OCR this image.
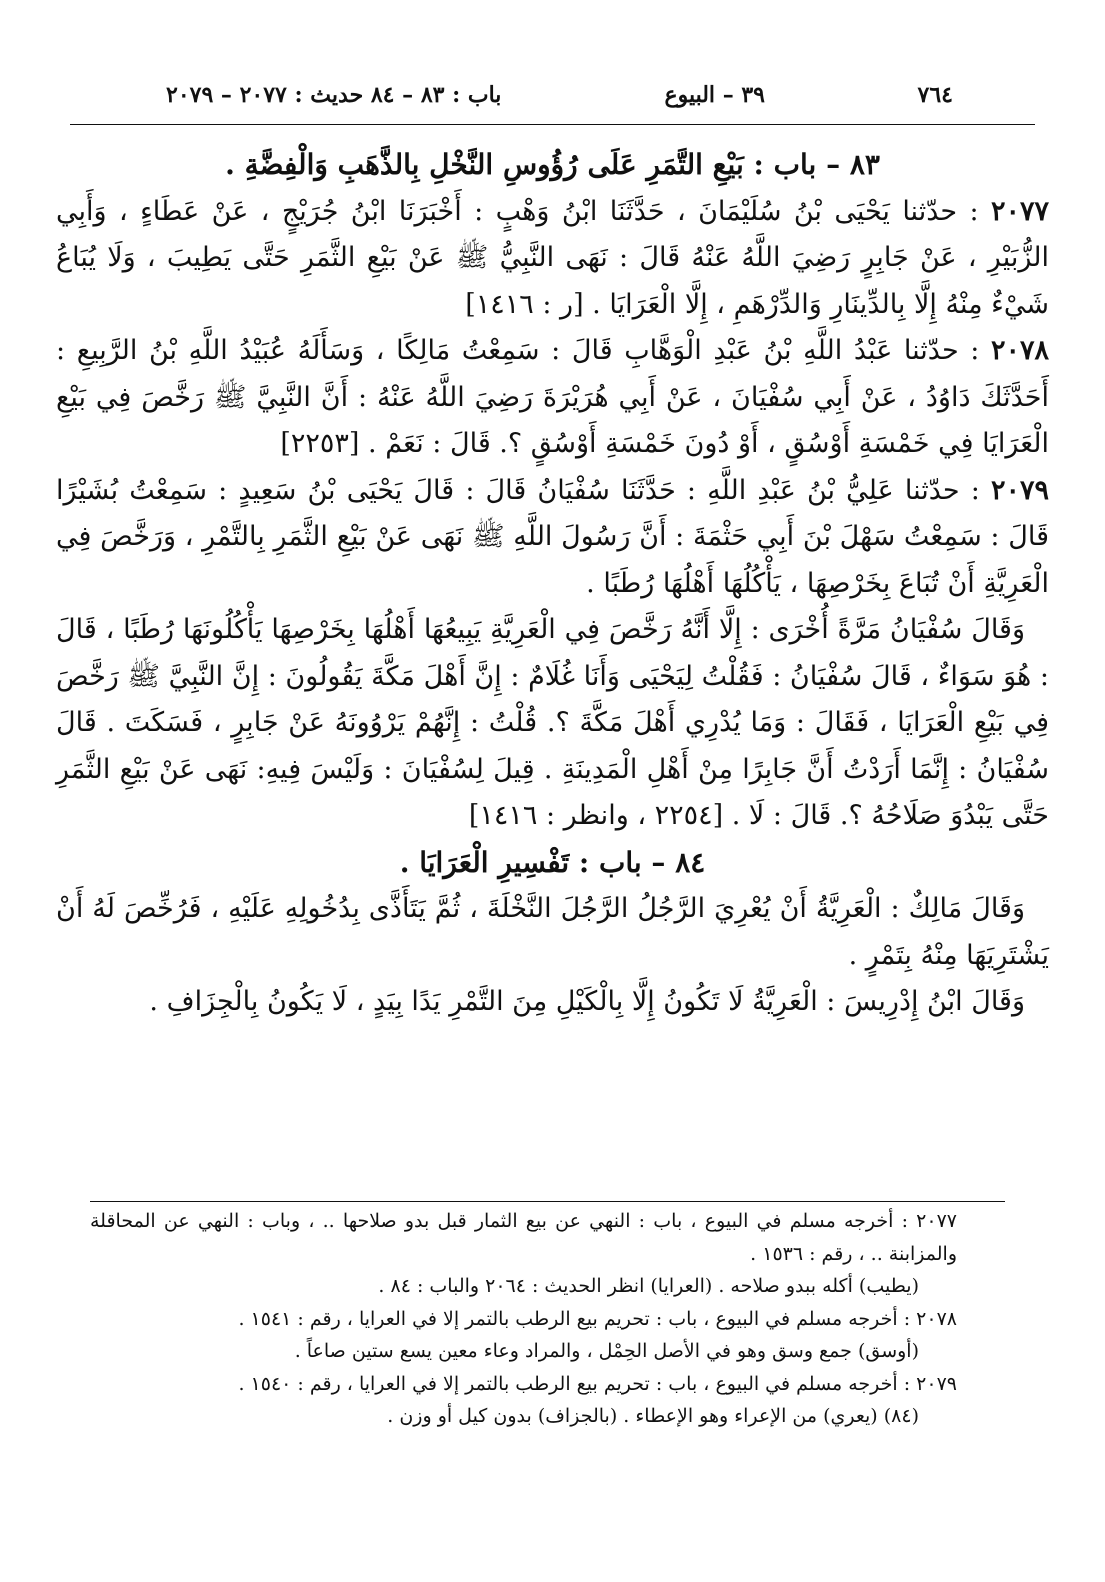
٧٦٤
٣٩ – البيوع
باب : ٨٣ – ٨٤ حديث : ٢٠٧٧ – ٢٠٧٩

٨٣ – باب : بَيْعِ التَّمَرِ عَلَى رُؤُوسِ النَّخْلِ بِالذَّهَبِ وَالْفِضَّةِ .

٢٠٧٧ : حدّثنا يَحْيَى بْنُ سُلَيْمَانَ ، حَدَّثَنَا ابْنُ وَهْبٍ : أَخْبَرَنَا ابْنُ جُرَيْجٍ ، عَنْ عَطَاءٍ ، وَأَبِي الزُّبَيْرِ ، عَنْ جَابِرٍ رَضِيَ اللَّهُ عَنْهُ قَالَ : نَهَى النَّبِيُّ ﷺ عَنْ بَيْعِ الثَّمَرِ حَتَّى يَطِيبَ ، وَلَا يُبَاعُ شَيْءٌ مِنْهُ إِلَّا بِالدِّينَارِ وَالدِّرْهَمِ ، إِلَّا الْعَرَايَا . [ر : ١٤١٦]

٢٠٧٨ : حدّثنا عَبْدُ اللَّهِ بْنُ عَبْدِ الْوَهَّابِ قَالَ : سَمِعْتُ مَالِكًا ، وَسَأَلَهُ عُبَيْدُ اللَّهِ بْنُ الرَّبِيعِ : أَحَدَّثَكَ دَاوُدُ ، عَنْ أَبِي سُفْيَانَ ، عَنْ أَبِي هُرَيْرَةَ رَضِيَ اللَّهُ عَنْهُ : أَنَّ النَّبِيَّ ﷺ رَخَّصَ فِي بَيْعِ الْعَرَايَا فِي خَمْسَةِ أَوْسُقٍ ، أَوْ دُونَ خَمْسَةِ أَوْسُقٍ ؟. قَالَ : نَعَمْ . [٢٢٥٣]

٢٠٧٩ : حدّثنا عَلِيُّ بْنُ عَبْدِ اللَّهِ : حَدَّثَنَا سُفْيَانُ قَالَ : قَالَ يَحْيَى بْنُ سَعِيدٍ : سَمِعْتُ بُشَيْرًا قَالَ : سَمِعْتُ سَهْلَ بْنَ أَبِي حَثْمَةَ : أَنَّ رَسُولَ اللَّهِ ﷺ نَهَى عَنْ بَيْعِ الثَّمَرِ بِالتَّمْرِ ، وَرَخَّصَ فِي الْعَرِيَّةِ أَنْ تُبَاعَ بِخَرْصِهَا ، يَأْكُلُهَا أَهْلُهَا رُطَبًا .

وَقَالَ سُفْيَانُ مَرَّةً أُخْرَى : إِلَّا أَنَّهُ رَخَّصَ فِي الْعَرِيَّةِ يَبِيعُهَا أَهْلُهَا بِخَرْصِهَا يَأْكُلُونَهَا رُطَبًا ، قَالَ : هُوَ سَوَاءٌ ، قَالَ سُفْيَانُ : فَقُلْتُ لِيَحْيَى وَأَنَا غُلَامٌ : إِنَّ أَهْلَ مَكَّةَ يَقُولُونَ : إِنَّ النَّبِيَّ ﷺ رَخَّصَ فِي بَيْعِ الْعَرَايَا ، فَقَالَ : وَمَا يُدْرِي أَهْلَ مَكَّةَ ؟. قُلْتُ : إِنَّهُمْ يَرْوُونَهُ عَنْ جَابِرٍ ، فَسَكَتَ . قَالَ سُفْيَانُ : إِنَّمَا أَرَدْتُ أَنَّ جَابِرًا مِنْ أَهْلِ الْمَدِينَةِ . قِيلَ لِسُفْيَانَ : وَلَيْسَ فِيهِ: نَهَى عَنْ بَيْعِ الثَّمَرِ حَتَّى يَبْدُوَ صَلَاحُهُ ؟. قَالَ : لَا . [٢٢٥٤ ، وانظر : ١٤١٦]

٨٤ – باب : تَفْسِيرِ الْعَرَايَا .

وَقَالَ مَالِكٌ : الْعَرِيَّةُ أَنْ يُعْرِيَ الرَّجُلُ الرَّجُلَ النَّخْلَةَ ، ثُمَّ يَتَأَذَّى بِدُخُولِهِ عَلَيْهِ ، فَرُخِّصَ لَهُ أَنْ يَشْتَرِيَهَا مِنْهُ بِتَمْرٍ .

وَقَالَ ابْنُ إِدْرِيسَ : الْعَرِيَّةُ لَا تَكُونُ إِلَّا بِالْكَيْلِ مِنَ التَّمْرِ يَدًا بِيَدٍ ، لَا يَكُونُ بِالْجِزَافِ .

٢٠٧٧ : أخرجه مسلم في البيوع ، باب : النهي عن بيع الثمار قبل بدو صلاحها .. ، وباب : النهي عن المحاقلة والمزابنة .. ، رقم : ١٥٣٦ .

(يطيب) أكله ببدو صلاحه . (العرايا) انظر الحديث : ٢٠٦٤ والباب : ٨٤ .

٢٠٧٨ : أخرجه مسلم في البيوع ، باب : تحريم بيع الرطب بالتمر إلا في العرايا ، رقم : ١٥٤١ .

(أوسق) جمع وسق وهو في الأصل الحِمْل ، والمراد وعاء معين يسع ستين صاعاً .

٢٠٧٩ : أخرجه مسلم في البيوع ، باب : تحريم بيع الرطب بالتمر إلا في العرايا ، رقم : ١٥٤٠ .

(٨٤) (يعري) من الإعراء وهو الإعطاء . (بالجزاف) بدون كيل أو وزن .
